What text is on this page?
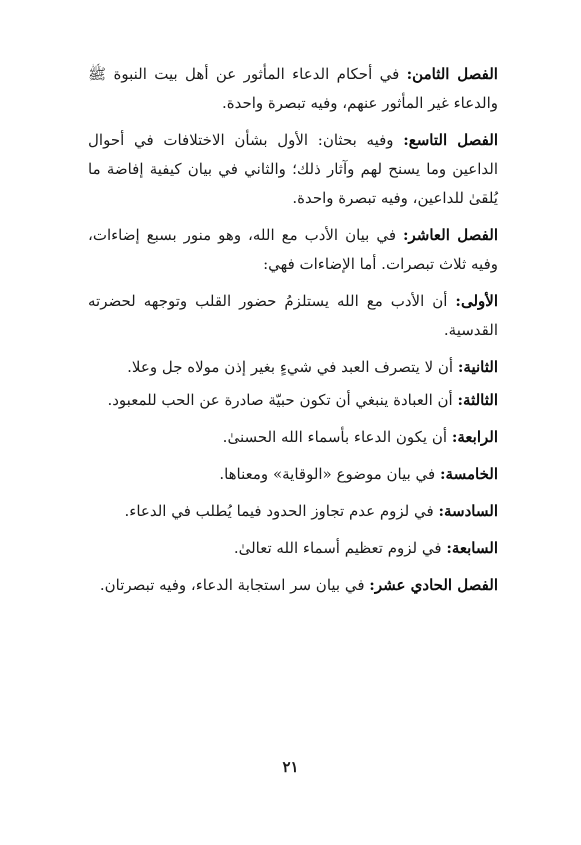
الفصل الثامن: في أحكام الدعاء المأثور عن أهل بيت النبوة ﷺ والدعاء غير المأثور عنهم، وفيه تبصرة واحدة.

الفصل التاسع: وفيه بحثان: الأول بشأن الاختلافات في أحوال الداعين وما يسنح لهم وآثار ذلك؛ والثاني في بيان كيفية إفاضة ما يُلقىٰ للداعين، وفيه تبصرة واحدة.

الفصل العاشر: في بيان الأدب مع الله، وهو منور بسبع إضاءات، وفيه ثلاث تبصرات. أما الإضاءات فهي:

الأولى: أن الأدب مع الله يستلزمُ حضور القلب وتوجهه لحضرته القدسية.

الثانية: أن لا يتصرف العبد في شيءٍ بغير إذن مولاه جل وعلا.

الثالثة: أن العبادة ينبغي أن تكون حبيّة صادرة عن الحب للمعبود.

الرابعة: أن يكون الدعاء بأسماء الله الحسنىٰ.

الخامسة: في بيان موضوع «الوقاية» ومعناها.

السادسة: في لزوم عدم تجاوز الحدود فيما يُطلب في الدعاء.

السابعة: في لزوم تعظيم أسماء الله تعالىٰ.

الفصل الحادي عشر: في بيان سر استجابة الدعاء، وفيه تبصرتان.

٢١
